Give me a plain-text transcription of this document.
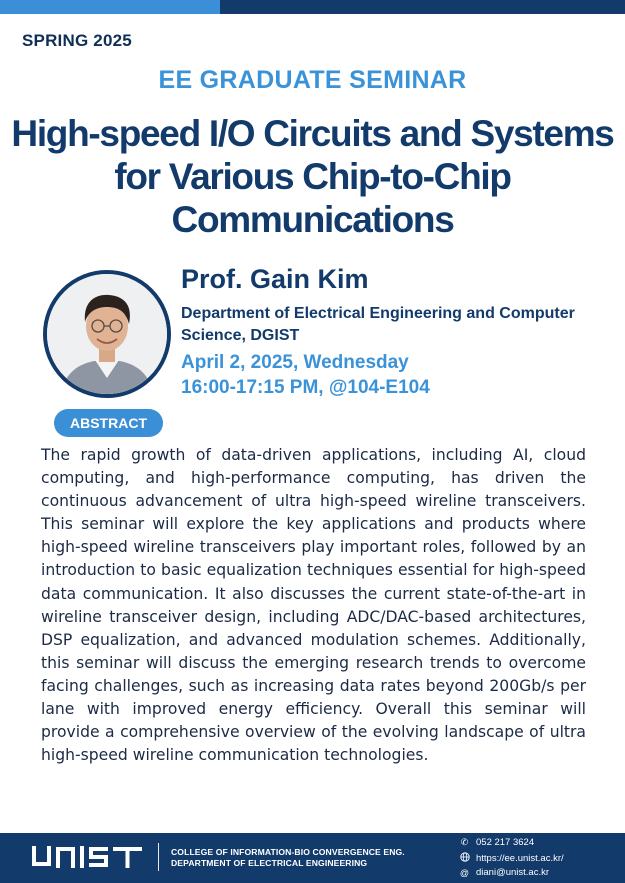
SPRING 2025
EE GRADUATE SEMINAR
High-speed I/O Circuits and Systems for Various Chip-to-Chip Communications
Prof. Gain Kim
Department of Electrical Engineering and Computer Science, DGIST
April 2, 2025, Wednesday
16:00-17:15 PM, @104-E104
ABSTRACT
The rapid growth of data-driven applications, including AI, cloud computing, and high-performance computing, has driven the continuous advancement of ultra high-speed wireline transceivers. This seminar will explore the key applications and products where high-speed wireline transceivers play important roles, followed by an introduction to basic equalization techniques essential for high-speed data communication. It also discusses the current state-of-the-art in wireline transceiver design, including ADC/DAC-based architectures, DSP equalization, and advanced modulation schemes. Additionally, this seminar will discuss the emerging research trends to overcome facing challenges, such as increasing data rates beyond 200Gb/s per lane with improved energy efficiency. Overall this seminar will provide a comprehensive overview of the evolving landscape of ultra high-speed wireline communication technologies.
COLLEGE OF INFORMATION-BIO CONVERGENCE ENG.
DEPARTMENT OF ELECTRICAL ENGINEERING
✆ 052 217 3624
https://ee.unist.ac.kr/
@ diani@unist.ac.kr
